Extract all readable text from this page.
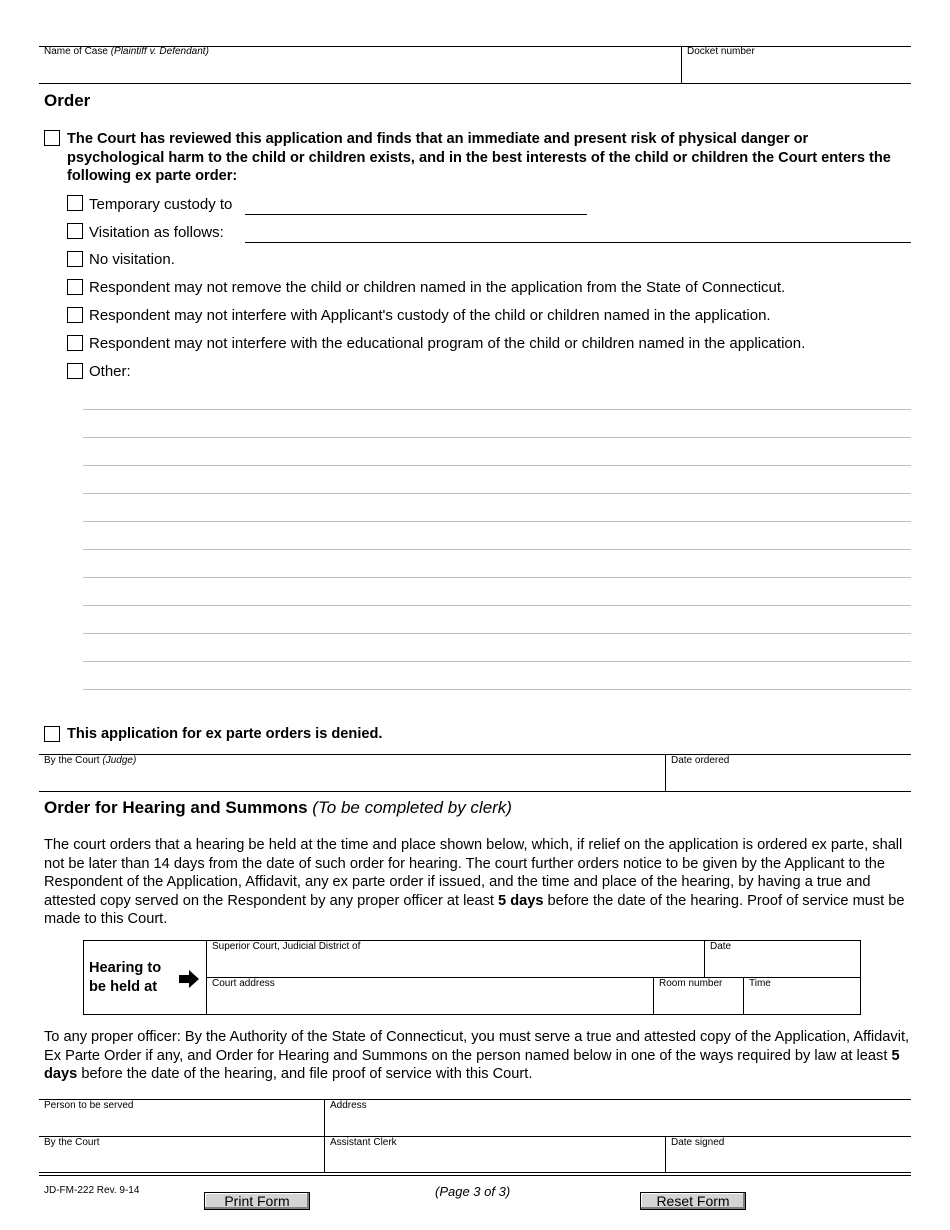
Name of Case (Plaintiff v. Defendant)	Docket number
Order
The Court has reviewed this application and finds that an immediate and present risk of physical danger or psychological harm to the child or children exists, and in the best interests of the child or children the Court enters the following ex parte order:
Temporary custody to
Visitation as follows:
No visitation.
Respondent may not remove the child or children named in the application from the State of Connecticut.
Respondent may not interfere with Applicant's custody of the child or children named in the application.
Respondent may not interfere with the educational program of the child or children named in the application.
Other:
This application for ex parte orders is denied.
By the Court (Judge)	Date ordered
Order for Hearing and Summons (To be completed by clerk)
The court orders that a hearing be held at the time and place shown below, which, if relief on the application is ordered ex parte, shall not be later than 14 days from the date of such order for hearing. The court further orders notice to be given by the Applicant to the Respondent of the Application, Affidavit, any ex parte order if issued, and the time and place of the hearing, by having a true and attested copy served on the Respondent by any proper officer at least 5 days before the date of the hearing. Proof of service must be made to this Court.
Hearing to
be held at
Superior Court, Judicial District of	Date
Court address	Room number	Time
To any proper officer: By the Authority of the State of Connecticut, you must serve a true and attested copy of the Application, Affidavit, Ex Parte Order if any, and Order for Hearing and Summons on the person named below in one of the ways required by law at least 5 days before the date of the hearing, and file proof of service with this Court.
Person to be served	Address
By the Court	Assistant Clerk	Date signed
JD-FM-222 Rev. 9-14
Print Form
(Page 3 of 3)
Reset Form
